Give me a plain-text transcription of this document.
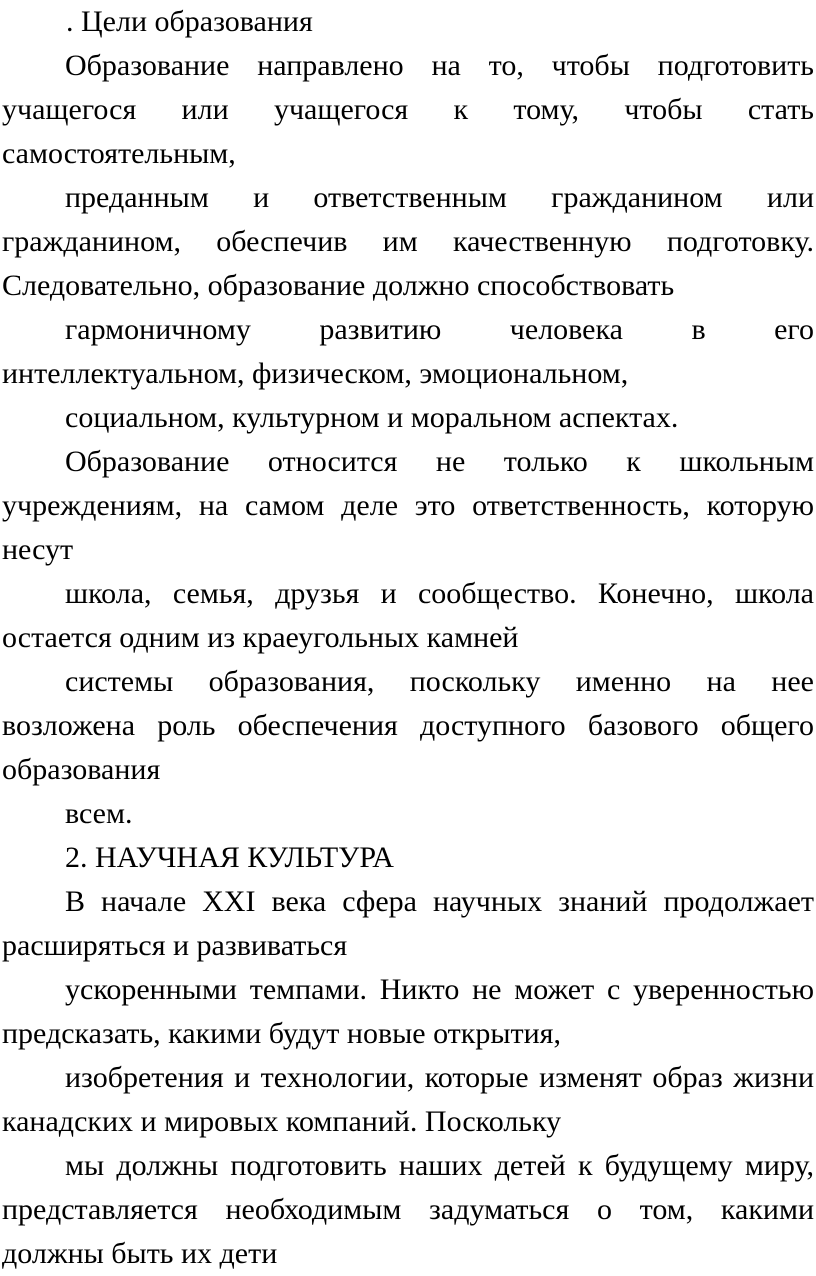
. Цели образования

Образование направлено на то, чтобы подготовить учащегося или учащегося к тому, чтобы стать самостоятельным,

преданным и ответственным гражданином или гражданином, обеспечив им качественную подготовку. Следовательно, образование должно способствовать

гармоничному развитию человека в его интеллектуальном, физическом, эмоциональном,

социальном, культурном и моральном аспектах.

Образование относится не только к школьным учреждениям, на самом деле это ответственность, которую несут

школа, семья, друзья и сообщество. Конечно, школа остается одним из краеугольных камней

системы образования, поскольку именно на нее возложена роль обеспечения доступного базового общего образования

всем.

2. НАУЧНАЯ КУЛЬТУРА

В начале XXI века сфера научных знаний продолжает расширяться и развиваться

ускоренными темпами. Никто не может с уверенностью предсказать, какими будут новые открытия,

изобретения и технологии, которые изменят образ жизни канадских и мировых компаний. Поскольку

мы должны подготовить наших детей к будущему миру, представляется необходимым задуматься о том, какими должны быть их дети
